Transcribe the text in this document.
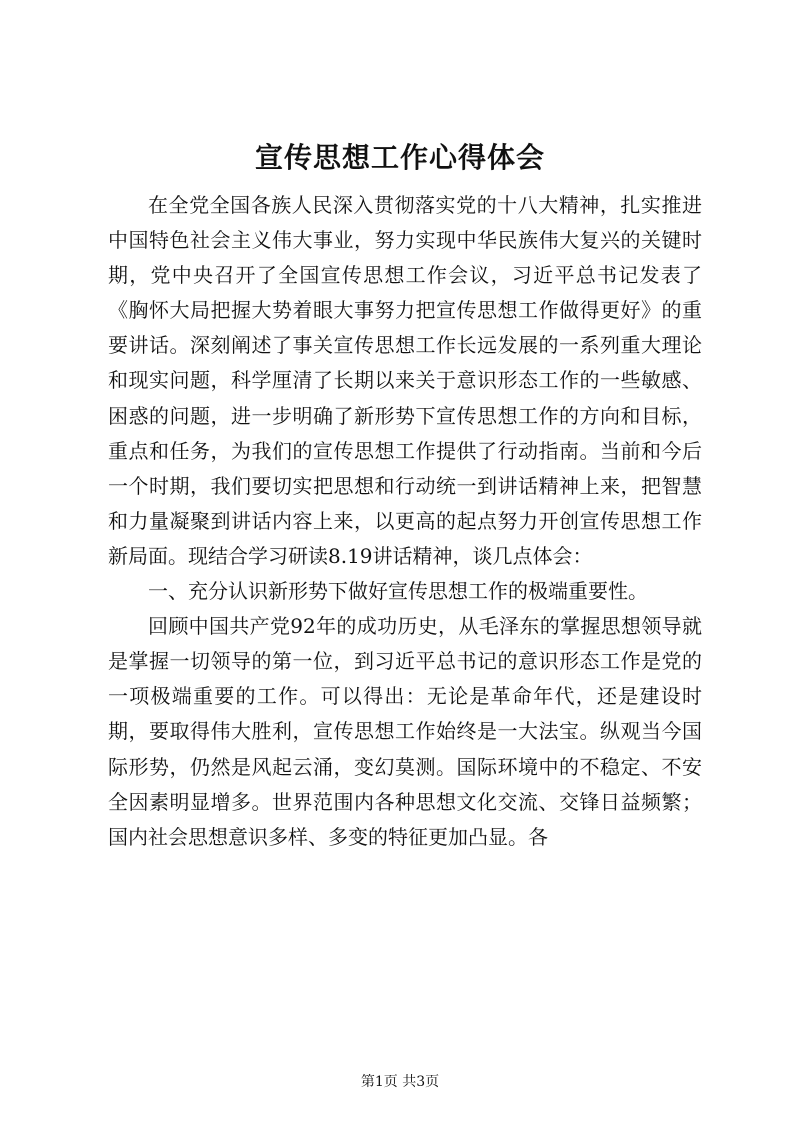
宣传思想工作心得体会

在全党全国各族人民深入贯彻落实党的十八大精神，扎实推进中国特色社会主义伟大事业，努力实现中华民族伟大复兴的关键时期，党中央召开了全国宣传思想工作会议，习近平总书记发表了《胸怀大局把握大势着眼大事努力把宣传思想工作做得更好》的重要讲话。深刻阐述了事关宣传思想工作长远发展的一系列重大理论和现实问题，科学厘清了长期以来关于意识形态工作的一些敏感、困惑的问题，进一步明确了新形势下宣传思想工作的方向和目标，重点和任务，为我们的宣传思想工作提供了行动指南。当前和今后一个时期，我们要切实把思想和行动统一到讲话精神上来，把智慧和力量凝聚到讲话内容上来，以更高的起点努力开创宣传思想工作新局面。现结合学习研读8.19讲话精神，谈几点体会：

一、充分认识新形势下做好宣传思想工作的极端重要性。

回顾中国共产党92年的成功历史，从毛泽东的掌握思想领导就是掌握一切领导的第一位，到习近平总书记的意识形态工作是党的一项极端重要的工作。可以得出：无论是革命年代，还是建设时期，要取得伟大胜利，宣传思想工作始终是一大法宝。纵观当今国际形势，仍然是风起云涌，变幻莫测。国际环境中的不稳定、不安全因素明显增多。世界范围内各种思想文化交流、交锋日益频繁；国内社会思想意识多样、多变的特征更加凸显。各

第1页 共3页
